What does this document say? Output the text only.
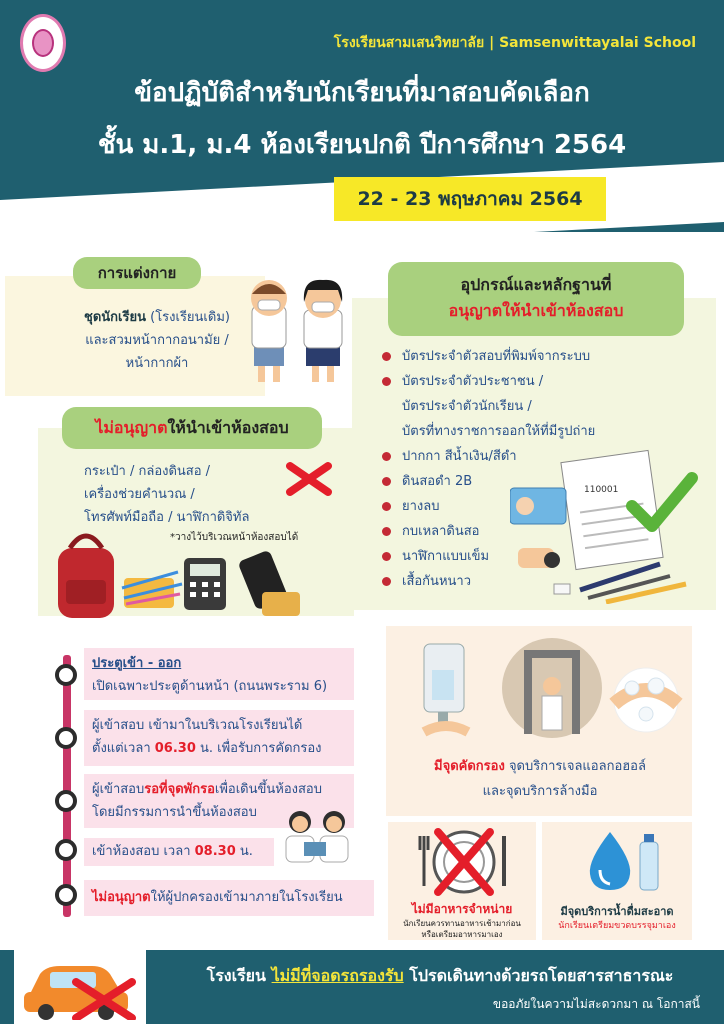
โรงเรียนสามเสนวิทยาลัย | Samsenwittayalai School
ข้อปฏิบัติสำหรับนักเรียนที่มาสอบคัดเลือก
ชั้น ม.1, ม.4 ห้องเรียนปกติ ปีการศึกษา 2564
22 - 23 พฤษภาคม 2564
การแต่งกาย
ชุดนักเรียน (โรงเรียนเดิม)
และสวมหน้ากากอนามัย /
หน้ากากผ้า
ไม่อนุญาตให้นำเข้าห้องสอบ
กระเป๋า / กล่องดินสอ /
เครื่องช่วยคำนวณ /
โทรศัพท์มือถือ / นาฬิกาดิจิทัล
*วางไว้บริเวณหน้าห้องสอบได้
อุปกรณ์และหลักฐานที่
อนุญาตให้นำเข้าห้องสอบ
บัตรประจำตัวสอบที่พิมพ์จากระบบ
บัตรประจำตัวประชาชน /
บัตรประจำตัวนักเรียน /
บัตรที่ทางราชการออกให้ที่มีรูปถ่าย
ปากกา สีน้ำเงิน/สีดำ
ดินสอดำ 2B
ยางลบ
กบเหลาดินสอ
นาฬิกาแบบเข็ม
เสื้อกันหนาว
110001
ประตูเข้า - ออก
เปิดเฉพาะประตูด้านหน้า (ถนนพระราม 6)
ผู้เข้าสอบ เข้ามาในบริเวณโรงเรียนได้
ตั้งแต่เวลา 06.30 น. เพื่อรับการคัดกรอง
ผู้เข้าสอบรอที่จุดพักรอเพื่อเดินขึ้นห้องสอบ
โดยมีกรรมการนำขึ้นห้องสอบ
เข้าห้องสอบ เวลา 08.30 น.
ไม่อนุญาตให้ผู้ปกครองเข้ามาภายในโรงเรียน
มีจุดคัดกรอง จุดบริการเจลแอลกอฮอล์
และจุดบริการล้างมือ
ไม่มีอาหารจำหน่าย
นักเรียนควรทานอาหารเช้ามาก่อน
หรือเตรียมอาหารมาเอง
มีจุดบริการน้ำดื่มสะอาด
นักเรียนเตรียมขวดบรรจุมาเอง
โรงเรียน ไม่มีที่จอดรถรองรับ โปรดเดินทางด้วยรถโดยสารสาธารณะ
ขออภัยในความไม่สะดวกมา ณ โอกาสนี้
